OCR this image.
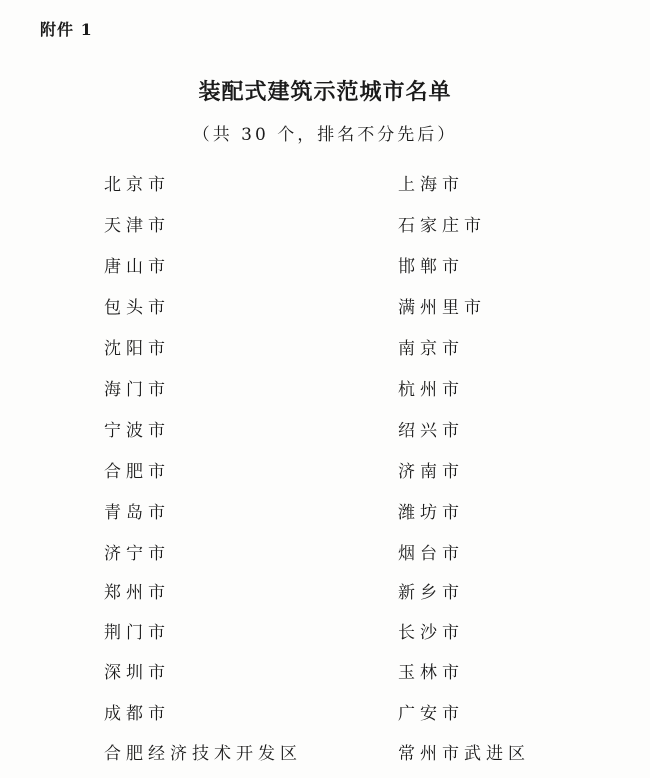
附件 1
装配式建筑示范城市名单
（共 30 个，排名不分先后）
北京市
天津市
唐山市
包头市
沈阳市
海门市
宁波市
合肥市
青岛市
济宁市
郑州市
荆门市
深圳市
成都市
合肥经济技术开发区
上海市
石家庄市
邯郸市
满州里市
南京市
杭州市
绍兴市
济南市
潍坊市
烟台市
新乡市
长沙市
玉林市
广安市
常州市武进区
